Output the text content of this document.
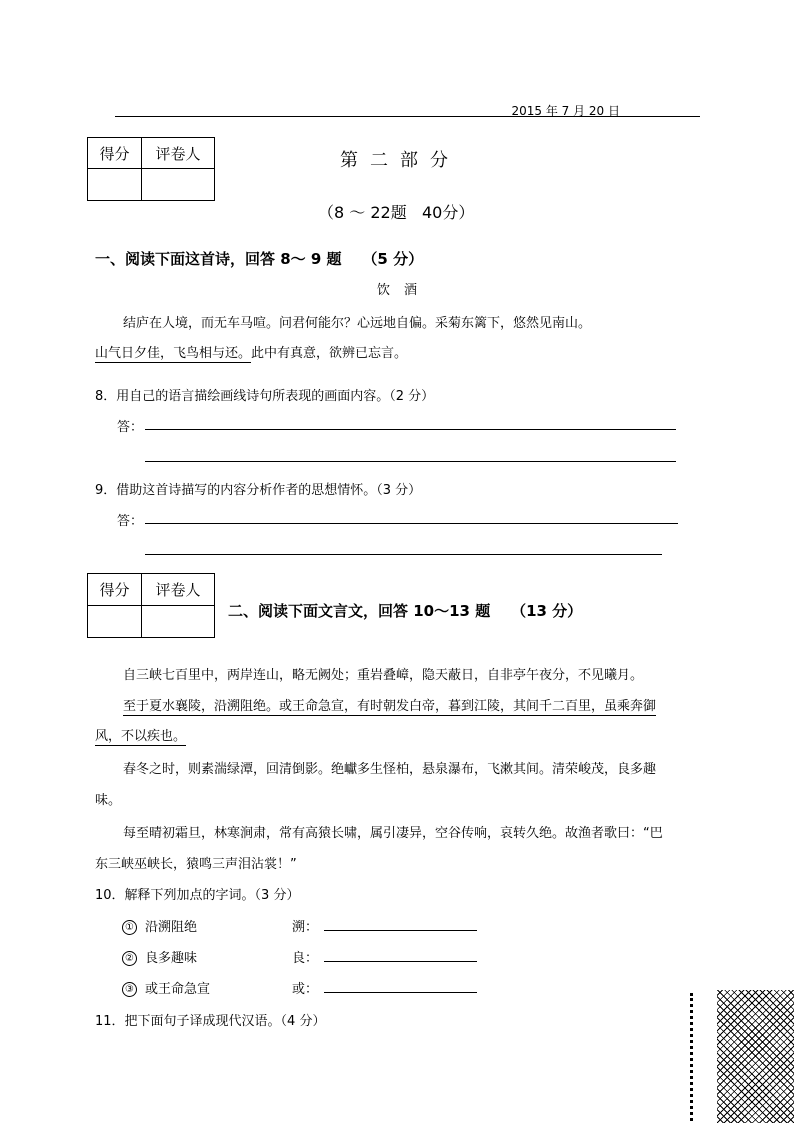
2015 年 7 月 20 日
得分	评卷人
		第二部分
（8 ～ 22题   40分）
一、阅读下面这首诗，回答 8～ 9 题    （5 分）
饮酒
结庐在人境，而无车马喧。问君何能尔？心远地自偏。采菊东篱下，悠然见南山。
山气日夕佳，飞鸟相与还。此中有真意，欲辨已忘言。
8．用自己的语言描绘画线诗句所表现的画面内容。（2 分）
答：
9．借助这首诗描写的内容分析作者的思想情怀。（3 分）
答：
得分	评卷人

二、阅读下面文言文，回答 10～13 题    （13 分）
自三峡七百里中，两岸连山，略无阙处；重岩叠嶂，隐天蔽日，自非亭午夜分，不见曦月。
至于夏水襄陵，沿溯阻绝。或王命急宣，有时朝发白帝，暮到江陵，其间千二百里，虽乘奔御
风，不以疾也。
春冬之时，则素湍绿潭，回清倒影。绝巘多生怪柏，悬泉瀑布，飞漱其间。清荣峻茂，良多趣
味。
每至晴初霜旦，林寒涧肃，常有高猿长啸，属引凄异，空谷传响，哀转久绝。故渔者歌曰：“巴
东三峡巫峡长，猿鸣三声泪沾裳！”
10．解释下列加点的字词。（3 分）
① 沿溯阻绝	溯：
② 良多趣味	良：
③ 或王命急宣	或：
11．把下面句子译成现代汉语。（4 分）
